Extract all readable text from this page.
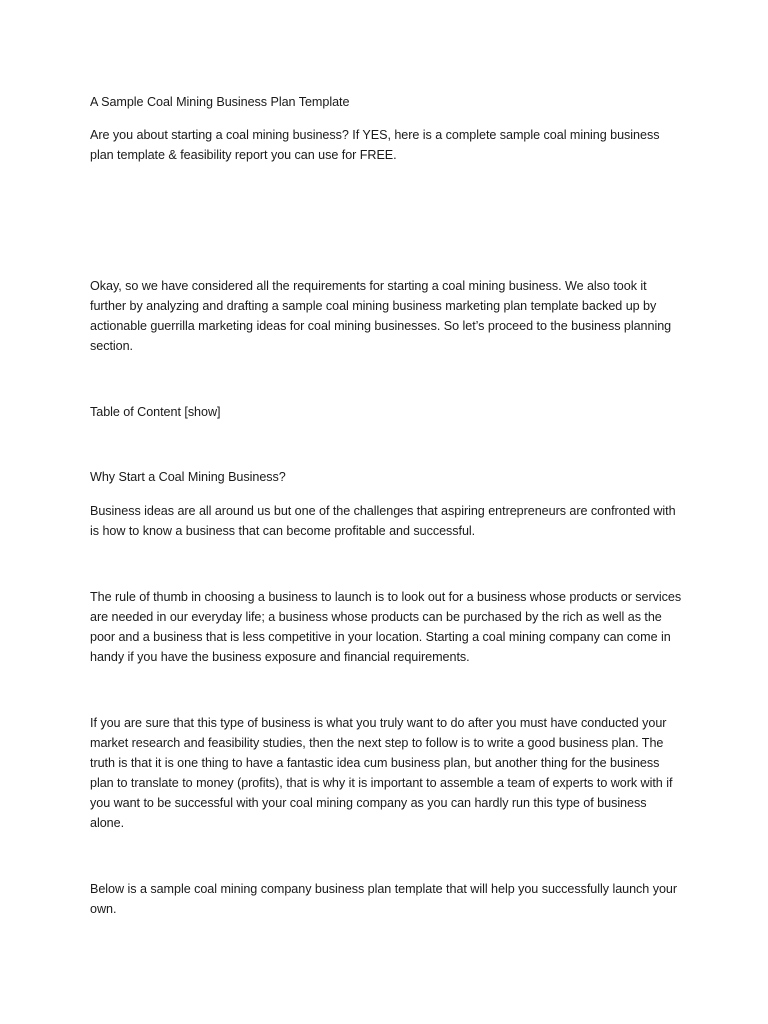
A Sample Coal Mining Business Plan Template

Are you about starting a coal mining business? If YES, here is a complete sample coal mining business plan template & feasibility report you can use for FREE.

Okay, so we have considered all the requirements for starting a coal mining business. We also took it further by analyzing and drafting a sample coal mining business marketing plan template backed up by actionable guerrilla marketing ideas for coal mining businesses. So let’s proceed to the business planning section.

Table of Content [show]

Why Start a Coal Mining Business?

Business ideas are all around us but one of the challenges that aspiring entrepreneurs are confronted with is how to know a business that can become profitable and successful.

The rule of thumb in choosing a business to launch is to look out for a business whose products or services are needed in our everyday life; a business whose products can be purchased by the rich as well as the poor and a business that is less competitive in your location. Starting a coal mining company can come in handy if you have the business exposure and financial requirements.

If you are sure that this type of business is what you truly want to do after you must have conducted your market research and feasibility studies, then the next step to follow is to write a good business plan. The truth is that it is one thing to have a fantastic idea cum business plan, but another thing for the business plan to translate to money (profits), that is why it is important to assemble a team of experts to work with if you want to be successful with your coal mining company as you can hardly run this type of business alone.

Below is a sample coal mining company business plan template that will help you successfully launch your own.
